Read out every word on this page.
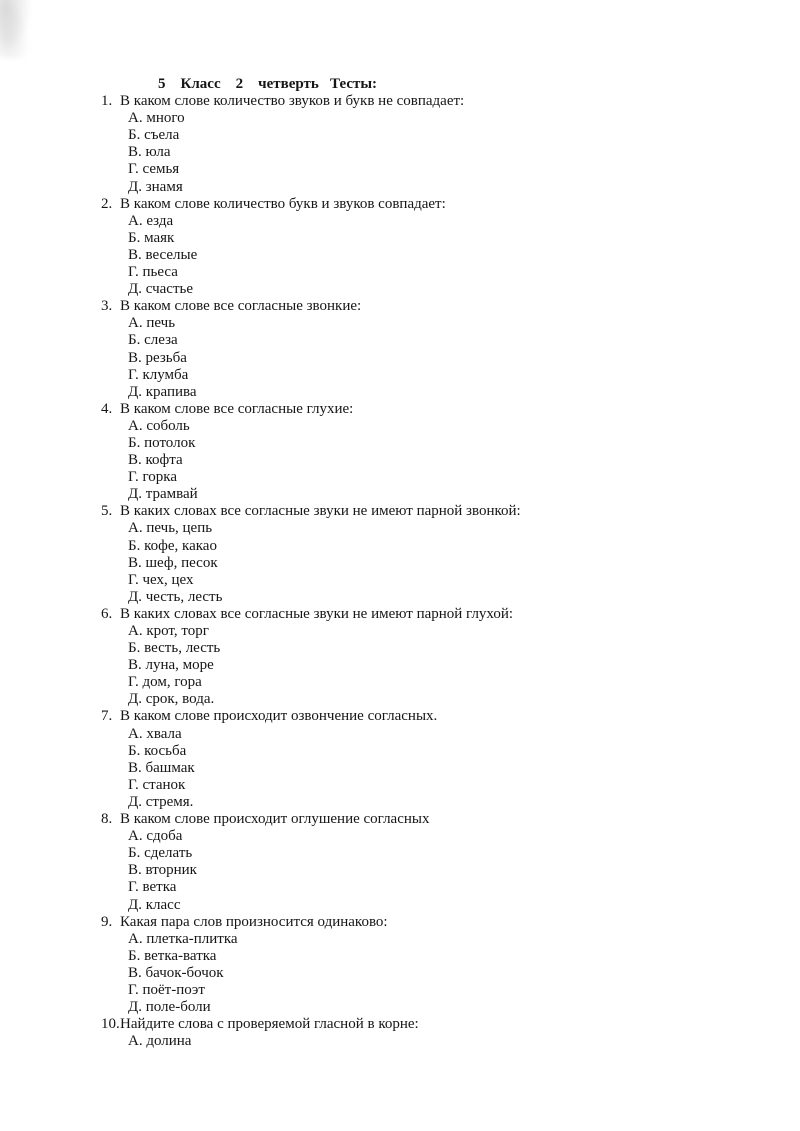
5    Класс    2    четверть   Тесты:
1. В каком слове количество звуков и букв не совпадает:
А. много
Б. съела
В. юла
Г. семья
Д. знамя
2. В каком слове количество букв и звуков совпадает:
А. езда
Б. маяк
В. веселые
Г. пьеса
Д. счастье
3. В каком слове все согласные звонкие:
А. печь
Б. слеза
В. резьба
Г. клумба
Д. крапива
4. В каком слове все согласные глухие:
А. соболь
Б. потолок
В. кофта
Г. горка
Д. трамвай
5. В каких словах все согласные звуки не имеют парной звонкой:
А. печь, цепь
Б. кофе, какао
В. шеф, песок
Г. чех, цех
Д. честь, лесть
6. В каких словах все согласные звуки не имеют парной глухой:
А. крот, торг
Б. весть, лесть
В. луна, море
Г. дом, гора
Д. срок, вода.
7. В каком слове происходит озвончение согласных.
А. хвала
Б. косьба
В. башмак
Г. станок
Д. стремя.
8. В каком слове происходит оглушение согласных
А. сдоба
Б. сделать
В. вторник
Г. ветка
Д. класс
9. Какая пара слов произносится одинаково:
А. плетка-плитка
Б. ветка-ватка
В. бачок-бочок
Г. поёт-поэт
Д. поле-боли
10. Найдите слова с проверяемой гласной в корне:
А. долина
